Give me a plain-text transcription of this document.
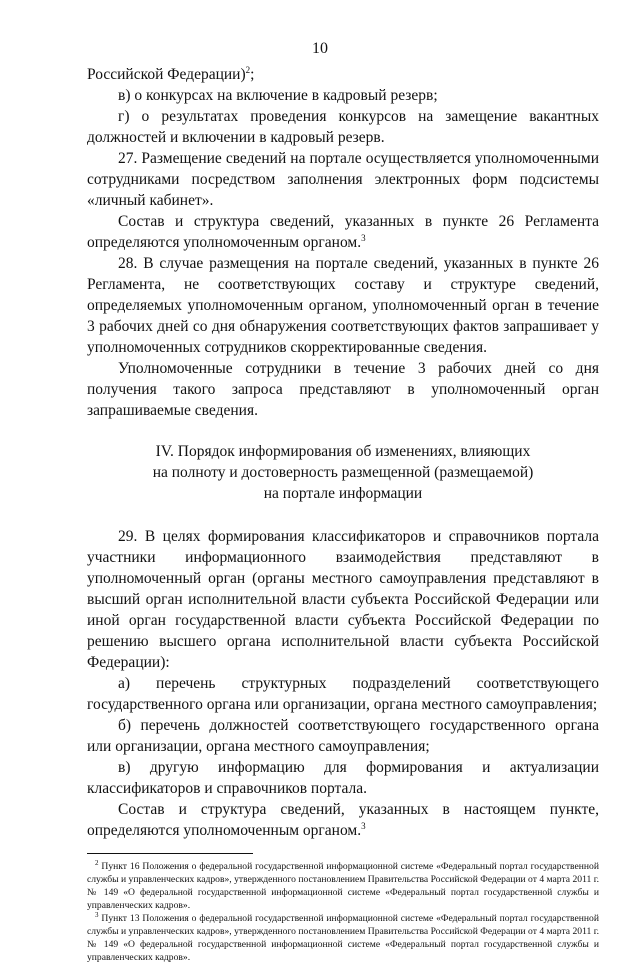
10

Российской Федерации)$^2$;

в) о конкурсах на включение в кадровый резерв;

г) о результатах проведения конкурсов на замещение вакантных должностей и включении в кадровый резерв.

27. Размещение сведений на портале осуществляется уполномоченными сотрудниками посредством заполнения электронных форм подсистемы «личный кабинет».

Состав и структура сведений, указанных в пункте 26 Регламента определяются уполномоченным органом.$^3$

28. В случае размещения на портале сведений, указанных в пункте 26 Регламента, не соответствующих составу и структуре сведений, определяемых уполномоченным органом, уполномоченный орган в течение 3 рабочих дней со дня обнаружения соответствующих фактов запрашивает у уполномоченных сотрудников скорректированные сведения.

Уполномоченные сотрудники в течение 3 рабочих дней со дня получения такого запроса представляют в уполномоченный орган запрашиваемые сведения.

IV. Порядок информирования об изменениях, влияющих
на полноту и достоверность размещенной (размещаемой)
на портале информации

29. В целях формирования классификаторов и справочников портала участники информационного взаимодействия представляют в уполномоченный орган (органы местного самоуправления представляют в высший орган исполнительной власти субъекта Российской Федерации или иной орган государственной власти субъекта Российской Федерации по решению высшего органа исполнительной власти субъекта Российской Федерации):

а) перечень структурных подразделений соответствующего государственного органа или организации, органа местного самоуправления;

б) перечень должностей соответствующего государственного органа или организации, органа местного самоуправления;

в) другую информацию для формирования и актуализации классификаторов и справочников портала.

Состав и структура сведений, указанных в настоящем пункте, определяются уполномоченным органом.$^3$

$^2$ Пункт 16 Положения о федеральной государственной информационной системе «Федеральный портал государственной службы и управленческих кадров», утвержденного постановлением Правительства Российской Федерации от 4 марта 2011 г. № 149 «О федеральной государственной информационной системе «Федеральный портал государственной службы и управленческих кадров».

$^3$ Пункт 13 Положения о федеральной государственной информационной системе «Федеральный портал государственной службы и управленческих кадров», утвержденного постановлением Правительства Российской Федерации от 4 марта 2011 г. № 149 «О федеральной государственной информационной системе «Федеральный портал государственной службы и управленческих кадров».
